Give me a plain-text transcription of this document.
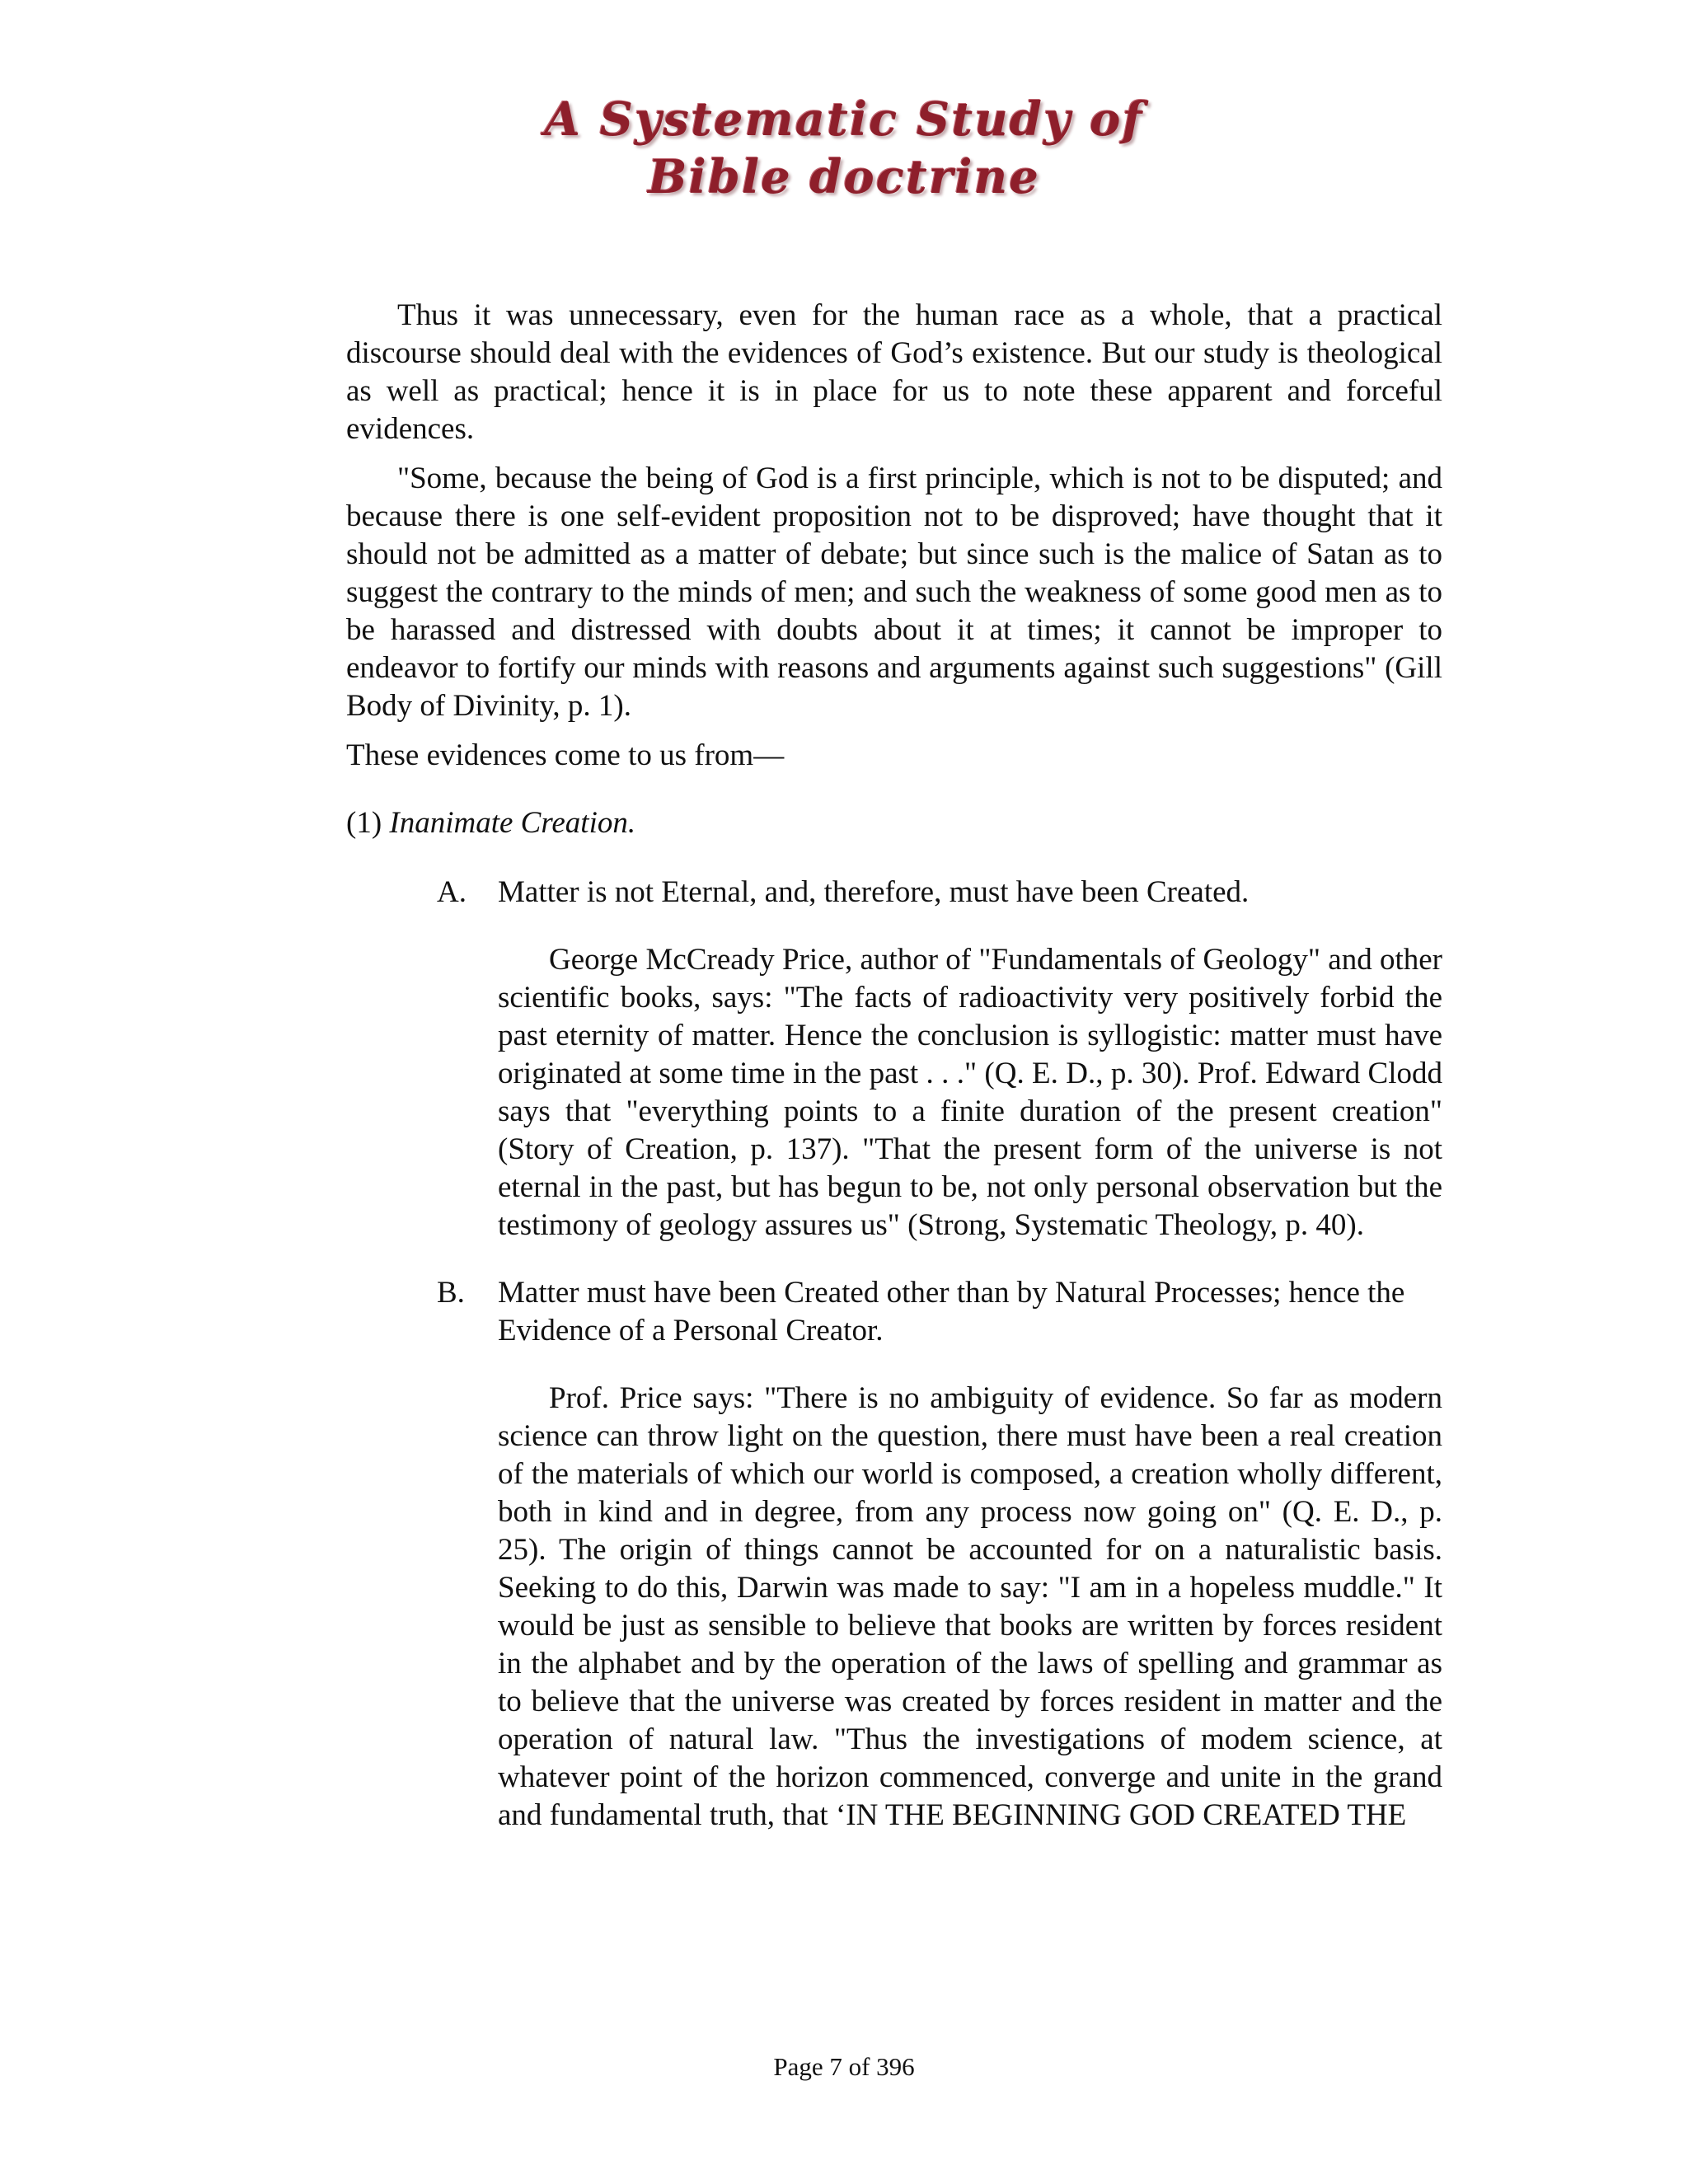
A Systematic Study of
Bible doctrine

Thus it was unnecessary, even for the human race as a whole, that a practical discourse should deal with the evidences of God’s existence. But our study is theological as well as practical; hence it is in place for us to note these apparent and forceful evidences.

"Some, because the being of God is a first principle, which is not to be disputed; and because there is one self-evident proposition not to be disproved; have thought that it should not be admitted as a matter of debate; but since such is the malice of Satan as to suggest the contrary to the minds of men; and such the weakness of some good men as to be harassed and distressed with doubts about it at times; it cannot be improper to endeavor to fortify our minds with reasons and arguments against such suggestions" (Gill Body of Divinity, p. 1).

These evidences come to us from—

(1) Inanimate Creation.

A. Matter is not Eternal, and, therefore, must have been Created.

George McCready Price, author of "Fundamentals of Geology" and other scientific books, says: "The facts of radioactivity very positively forbid the past eternity of matter. Hence the conclusion is syllogistic: matter must have originated at some time in the past . . ." (Q. E. D., p. 30). Prof. Edward Clodd says that "everything points to a finite duration of the present creation" (Story of Creation, p. 137). "That the present form of the universe is not eternal in the past, but has begun to be, not only personal observation but the testimony of geology assures us" (Strong, Systematic Theology, p. 40).

B. Matter must have been Created other than by Natural Processes; hence the Evidence of a Personal Creator.

Prof. Price says: "There is no ambiguity of evidence. So far as modern science can throw light on the question, there must have been a real creation of the materials of which our world is composed, a creation wholly different, both in kind and in degree, from any process now going on" (Q. E. D., p. 25). The origin of things cannot be accounted for on a naturalistic basis. Seeking to do this, Darwin was made to say: "I am in a hopeless muddle." It would be just as sensible to believe that books are written by forces resident in the alphabet and by the operation of the laws of spelling and grammar as to believe that the universe was created by forces resident in matter and the operation of natural law. "Thus the investigations of modem science, at whatever point of the horizon commenced, converge and unite in the grand and fundamental truth, that ‘IN THE BEGINNING GOD CREATED THE

Page 7 of 396
